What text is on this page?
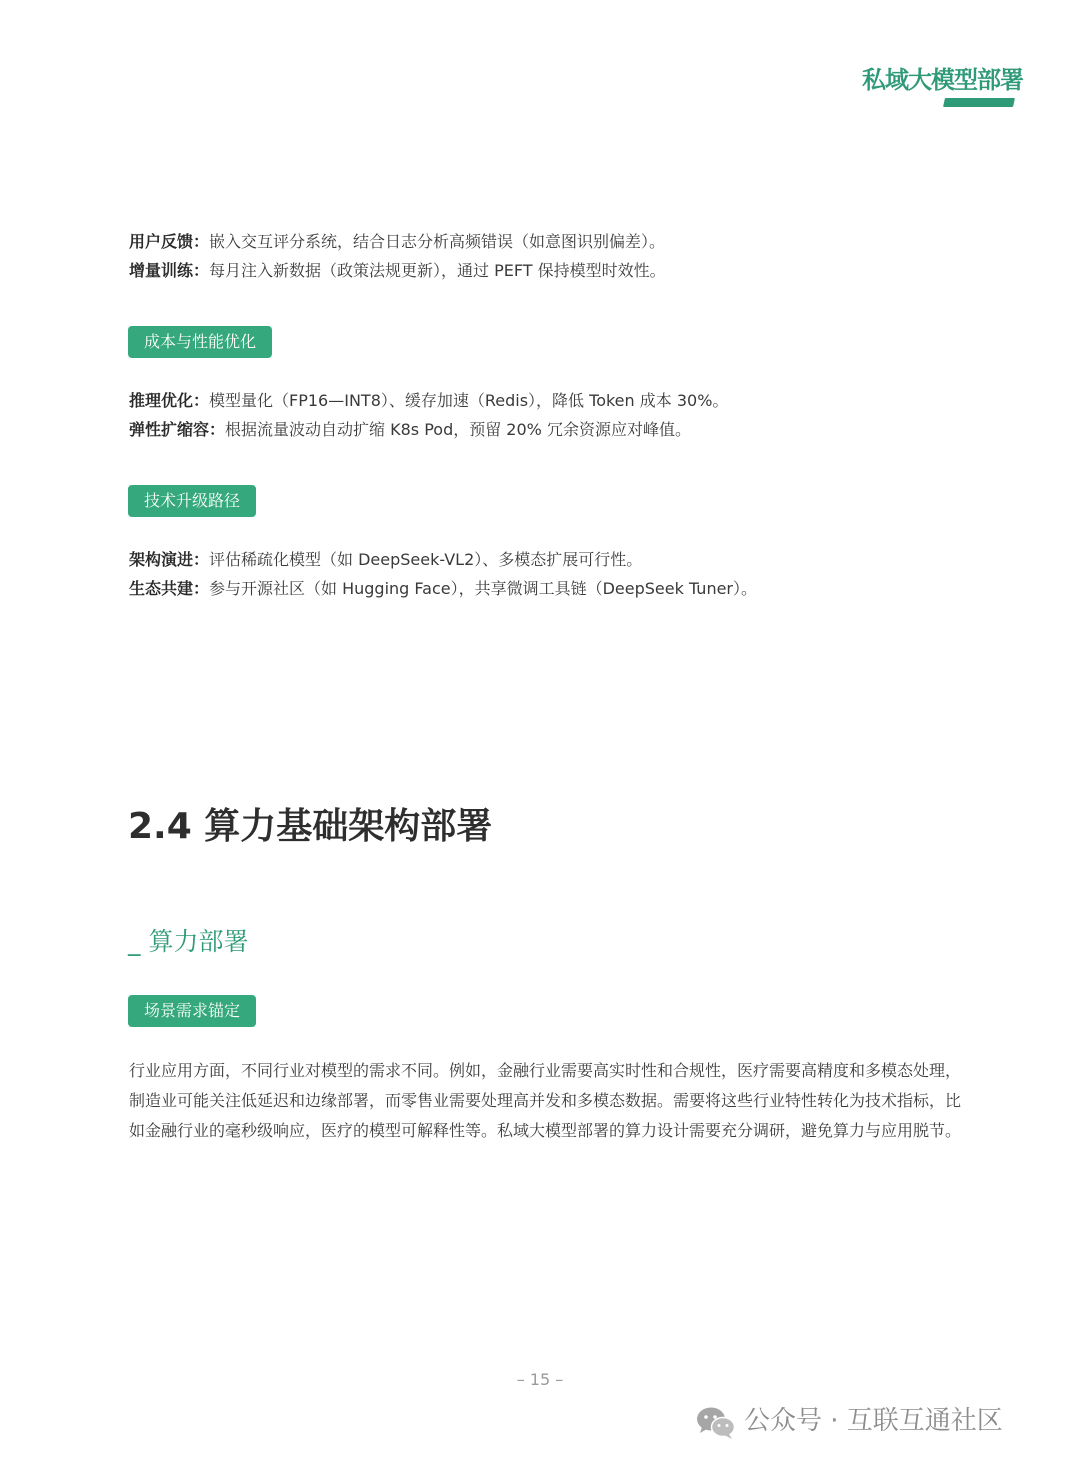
私域大模型部署
用户反馈：嵌入交互评分系统，结合日志分析高频错误（如意图识别偏差）。
增量训练：每月注入新数据（政策法规更新），通过 PEFT 保持模型时效性。
成本与性能优化
推理优化：模型量化（FP16—INT8）、缓存加速（Redis），降低 Token 成本 30%。
弹性扩缩容：根据流量波动自动扩缩 K8s Pod，预留 20% 冗余资源应对峰值。
技术升级路径
架构演进：评估稀疏化模型（如 DeepSeek-VL2）、多模态扩展可行性。
生态共建：参与开源社区（如 Hugging Face），共享微调工具链（DeepSeek Tuner）。
2.4 算力基础架构部署
_ 算力部署
场景需求锚定
行业应用方面，不同行业对模型的需求不同。例如，金融行业需要高实时性和合规性，医疗需要高精度和多模态处理，
制造业可能关注低延迟和边缘部署，而零售业需要处理高并发和多模态数据。需要将这些行业特性转化为技术指标，比
如金融行业的毫秒级响应，医疗的模型可解释性等。私域大模型部署的算力设计需要充分调研，避免算力与应用脱节。
– 15 –
公众号 · 互联互通社区
